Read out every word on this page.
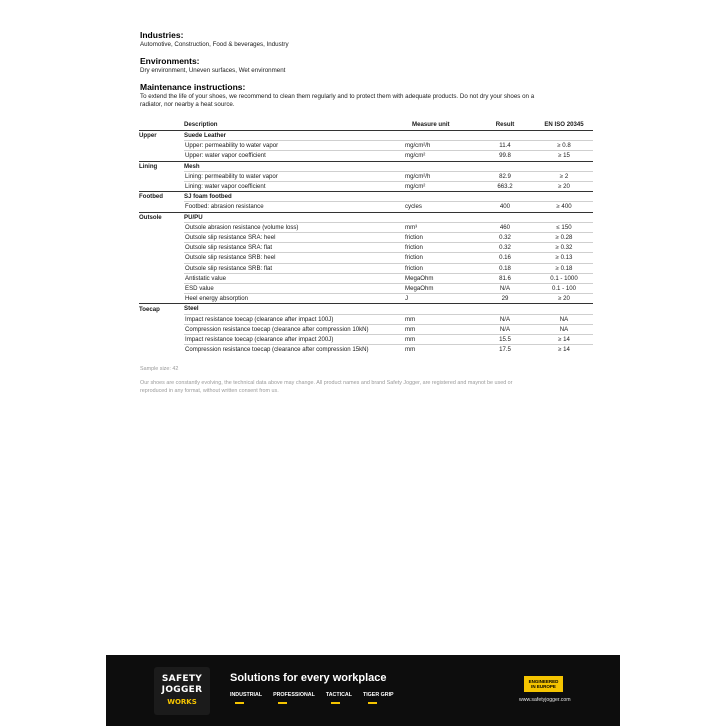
Industries:
Automotive, Construction, Food & beverages, Industry
Environments:
Dry environment, Uneven surfaces, Wet environment
Maintenance instructions:
To extend the life of your shoes, we recommend to clean them regularly and to protect them with adequate products. Do not dry your shoes on a
radiator, nor nearby a heat source.
	Description	Measure unit	Result	EN ISO 20345
Upper	Suede Leather			
	Upper: permeability to water vapor	mg/cm²/h	11.4	≥ 0.8
	Upper: water vapor coefficient	mg/cm²	99.8	≥ 15
Lining	Mesh			
	Lining: permeability to water vapor	mg/cm²/h	82.9	≥ 2
	Lining: water vapor coefficient	mg/cm²	663.2	≥ 20
Footbed	SJ foam footbed			
	Footbed: abrasion resistance	cycles	400	≥ 400
Outsole	PU/PU			
	Outsole abrasion resistance (volume loss)	mm³	460	≤ 150
	Outsole slip resistance SRA: heel	friction	0.32	≥ 0.28
	Outsole slip resistance SRA: flat	friction	0.32	≥ 0.32
	Outsole slip resistance SRB: heel	friction	0.16	≥ 0.13
	Outsole slip resistance SRB: flat	friction	0.18	≥ 0.18
	Antistatic value	MegaOhm	81.6	0.1 - 1000
	ESD value	MegaOhm	N/A	0.1 - 100
	Heel energy absorption	J	29	≥ 20
Toecap	Steel			
	Impact resistance toecap (clearance after impact 100J)	mm	N/A	NA
	Compression resistance toecap (clearance after compression 10kN)	mm	N/A	NA
	Impact resistance toecap (clearance after impact 200J)	mm	15.5	≥ 14
	Compression resistance toecap (clearance after compression 15kN)	mm	17.5	≥ 14
Sample size: 42
Our shoes are constantly evolving, the technical data above may change. All product names and brand Safety Jogger, are registered and maynot be used or
reproduced in any format, without written consent from us.
SAFETY
JOGGER
WORKS
Solutions for every workplace
INDUSTRIAL PROFESSIONAL TACTICAL TIGER GRIP
ENGINEERED
IN EUROPE
www.safetyjogger.com
